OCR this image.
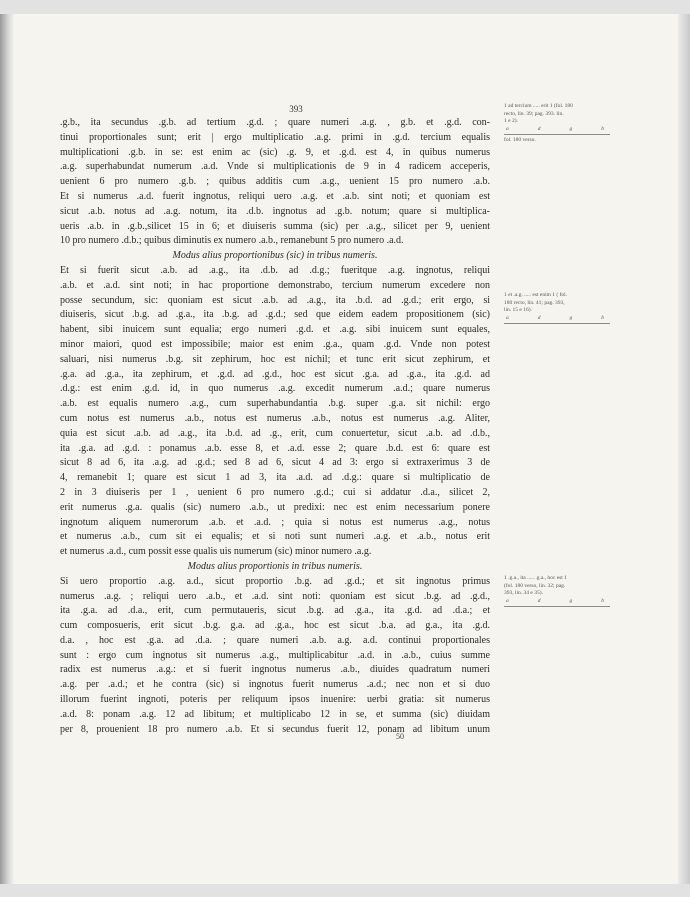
393
.g.b., ita secundus .g.b. ad tertium .g.d. ; quare numeri .a.g. , g.b. et .g.d. con-
tinui proportionales sunt; erit | ergo multiplicatio .a.g. primi in .g.d. tercium equalis
multiplicationi .g.b. in se: est enim ac (sic) .g. 9, et .g.d. est 4, in quibus numerus
.a.g. superhabundat numerum .a.d. Vnde si multiplicationis de 9 in 4 radicem acceperis,
uenient 6 pro numero .g.b. ; quibus additis cum .a.g., uenient 15 pro numero .a.b.
Et si numerus .a.d. fuerit ingnotus, reliqui uero .a.g. et .a.b. sint noti; et quoniam est
sicut .a.b. notus ad .a.g. notum, ita .d.b. ingnotus ad .g.b. notum; quare si multiplica-
ueris .a.b. in .g.b.,silicet 15 in 6; et diuiseris summa (sic) per .a.g., silicet per 9, uenient
10 pro numero .d.b.; quibus diminutis ex numero .a.b., remanebunt 5 pro numero .a.d.
Modus alius proportionibus (sic) in tribus numeris.
Et si fuerit sicut .a.b. ad .a.g., ita .d.b. ad .d.g.; fueritque .a.g. ingnotus, reliqui
.a.b. et .a.d. sint noti; in hac proportione demonstrabo, tercium numerum excedere non
posse secundum, sic: quoniam est sicut .a.b. ad .a.g., ita .b.d. ad .g.d.; erit ergo, si
diuiseris, sicut .b.g. ad .g.a., ita .b.g. ad .g.d.; sed que eidem eadem propositionem (sic)
habent, sibi inuicem sunt equalia; ergo numeri .g.d. et .a.g. sibi inuicem sunt equales,
minor maiori, quod est impossibile; maior est enim .g.a., quam .g.d. Vnde non potest
saluari, nisi numerus .b.g. sit zephirum, hoc est nichil; et tunc erit sicut zephirum, et
.g.a. ad .g.a., ita zephirum, et .g.d. ad .g.d., hoc est sicut .g.a. ad .g.a., ita .g.d. ad
.d.g.: est enim .g.d. id, in quo numerus .a.g. excedit numerum .a.d.; quare numerus
.a.b. est equalis numero .a.g., cum superhabundantia .b.g. super .g.a. sit nichil: ergo
cum notus est numerus .a.b., notus est numerus .a.b., notus est numerus .a.g. Aliter,
quia est sicut .a.b. ad .a.g., ita .b.d. ad .g., erit, cum conuertetur, sicut .a.b. ad .d.b.,
ita .g.a. ad .g.d. : ponamus .a.b. esse 8, et .a.d. esse 2; quare .b.d. est 6: quare est
sicut 8 ad 6, ita .a.g. ad .g.d.; sed 8 ad 6, sicut 4 ad 3: ergo si extraxerimus 3 de
4, remanebit 1; quare est sicut 1 ad 3, ita .a.d. ad .d.g.: quare si multiplicatio de
2 in 3 diuiseris per 1 , uenient 6 pro numero .g.d.; cui si addatur .d.a., silicet 2,
erit numerus .g.a. qualis (sic) numero .a.b., ut predixi: nec est enim necessarium ponere
ingnotum aliquem numerorum .a.b. et .a.d. ; quia si notus est numerus .a.g., notus
et numerus .a.b., cum sit ei equalis; et si noti sunt numeri .a.g. et .a.b., notus erit
et numerus .a.d., cum possit esse qualis uis numerum (sic) minor numero .a.g.
Modus alius proportionis in tribus numeris.
Si uero proportio .a.g. a.d., sicut proportio .b.g. ad .g.d.; et sit ingnotus primus
numerus .a.g. ; reliqui uero .a.b., et .a.d. sint noti: quoniam est sicut .b.g. ad .g.d.,
ita .g.a. ad .d.a., erit, cum permutaueris, sicut .b.g. ad .g.a., ita .g.d. ad .d.a.; et
cum composueris, erit sicut .b.g. g.a. ad .g.a., hoc est sicut .b.a. ad g.a., ita .g.d.
d.a. , hoc est .g.a. ad .d.a. ; quare numeri .a.b. a.g. a.d. continui proportionales
sunt : ergo cum ingnotus sit numerus .a.g., multiplicabitur .a.d. in .a.b., cuius summe
radix est numerus .a.g.: et si fuerit ingnotus numerus .a.b., diuides quadratum numeri
.a.g. per .a.d.; et he contra (sic) si ingnotus fuerit numerus .a.d.; nec non et si duo
illorum fuerint ingnoti, poteris per reliquum ipsos inuenire: uerbi gratia: sit numerus
.a.d. 8: ponam .a.g. 12 ad libitum; et multiplicabo 12 in se, et summa (sic) diuidam
per 8, prouenient 18 pro numero .a.b. Et si secundus fuerit 12, ponam ad libitum unum
1 ad tercium ..... erit 1 (fol. 180
recto, lin. 39; pag. 393. lin.
1 e 2).
a d g b
fol. 180 verso.
1 et .a.g. ..... est enim 1 ( fol.
180 recto, lin. 41; pag. 393,
lin. 15 e 16).
a d g b
1 .g.a., ita ..... .g.a., hoc est 1
(fol. 180 verso, lin. 32; pag.
393, lin. 34 e 35).
a d g b
50
